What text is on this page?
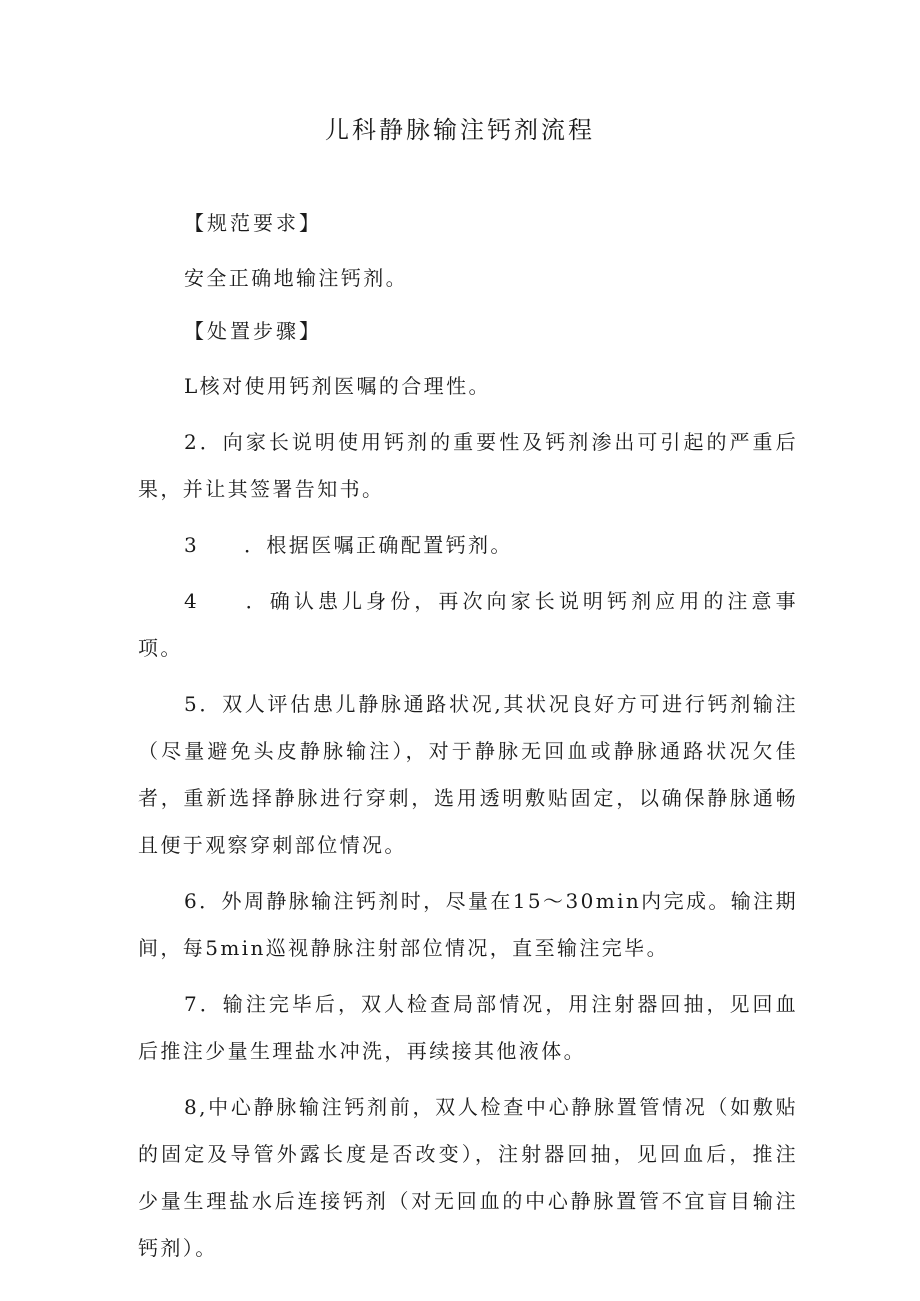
儿科静脉输注钙剂流程

【规范要求】

安全正确地输注钙剂。

【处置步骤】

L核对使用钙剂医嘱的合理性。

2．向家长说明使用钙剂的重要性及钙剂渗出可引起的严重后果，并让其签署告知书。

3 ．根据医嘱正确配置钙剂。

4 ．确认患儿身份，再次向家长说明钙剂应用的注意事项。

5．双人评估患儿静脉通路状况,其状况良好方可进行钙剂输注（尽量避免头皮静脉输注），对于静脉无回血或静脉通路状况欠佳者，重新选择静脉进行穿刺，选用透明敷贴固定，以确保静脉通畅且便于观察穿刺部位情况。

6．外周静脉输注钙剂时，尽量在15～30min内完成。输注期间，每5min巡视静脉注射部位情况，直至输注完毕。

7．输注完毕后，双人检查局部情况，用注射器回抽，见回血后推注少量生理盐水冲洗，再续接其他液体。

8,中心静脉输注钙剂前，双人检查中心静脉置管情况（如敷贴的固定及导管外露长度是否改变），注射器回抽，见回血后，推注少量生理盐水后连接钙剂（对无回血的中心静脉置管不宜盲目输注钙剂）。
